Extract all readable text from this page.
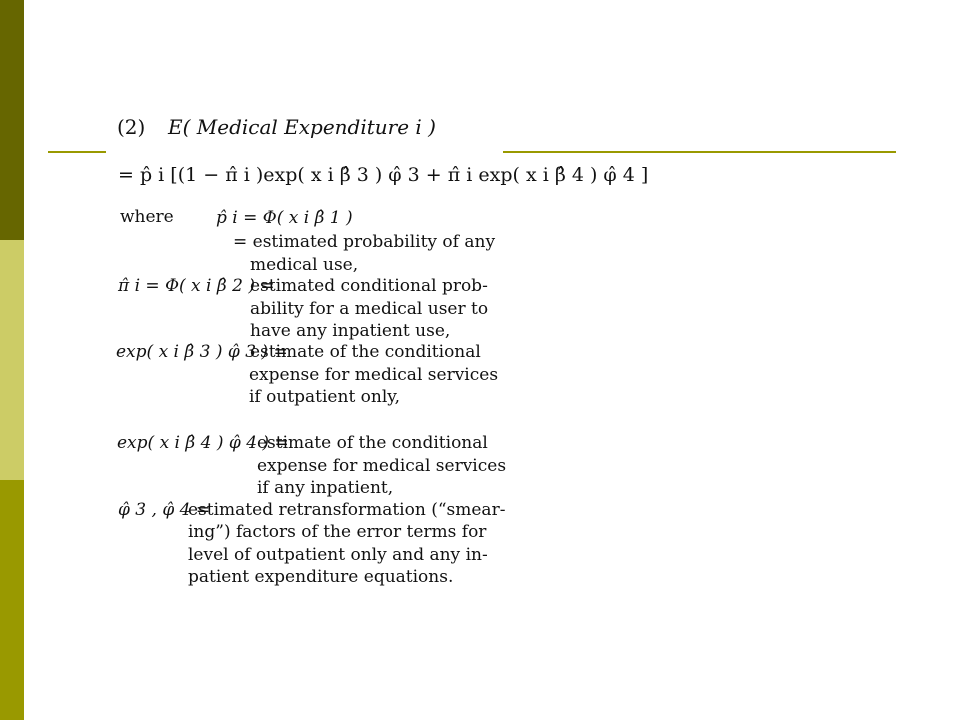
(2) E( Medical Expenditure i )
= p̂ i [(1 − π̂ i )exp( x i β̂ 3 ) φ̂ 3 + π̂ i exp( x i β̂ 4 ) φ̂ 4 ]
where p̂ i = Φ( x i β̂ 1 )
= estimated probability of any
medical use,
π̂ i = Φ( x i β̂ 2 ) =
estimated conditional prob-
ability for a medical user to
have any inpatient use,
exp( x i β̂ 3 ) φ̂ 3 ) =
estimate of the conditional
expense for medical services
if outpatient only,
exp( x i β̂ 4 ) φ̂ 4 ) =
estimate of the conditional
expense for medical services
if any inpatient,
φ̂ 3 , φ̂ 4 =
estimated retransformation (“smear-
ing”) factors of the error terms for
level of outpatient only and any in-
patient expenditure equations.
